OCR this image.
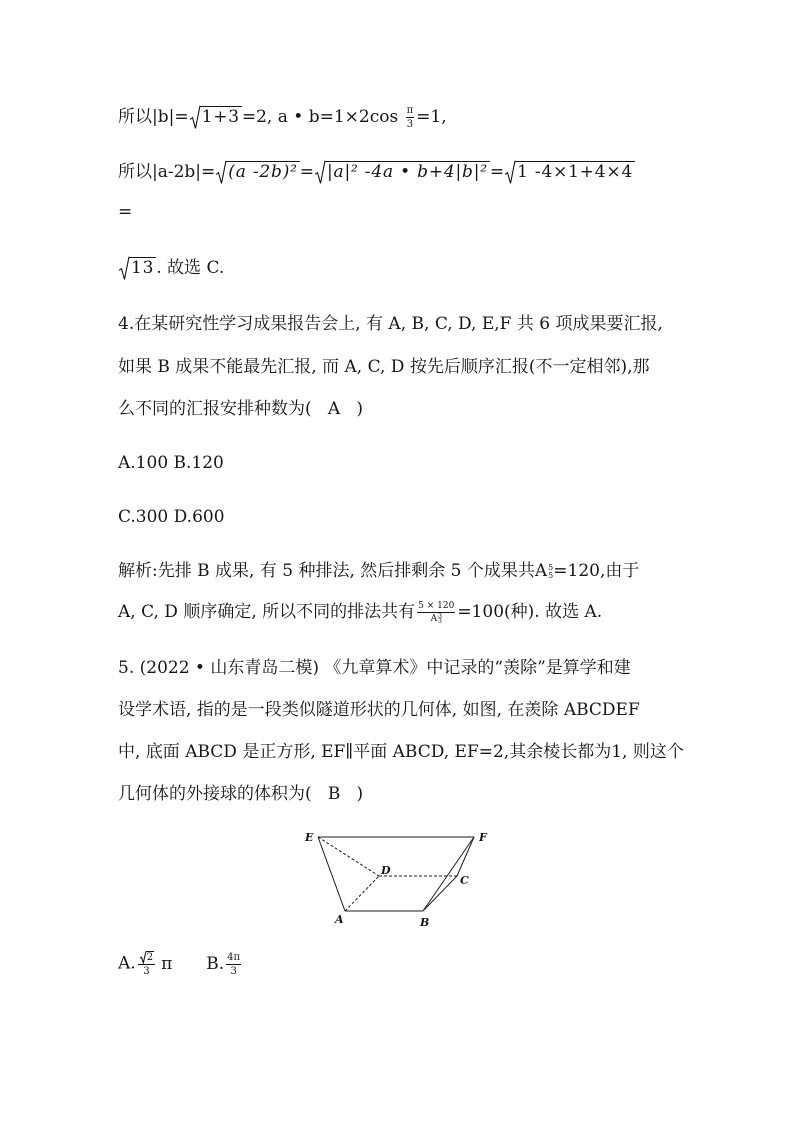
所以|b|= 1+3 =2, a • $b=1\times 2\cos \frac{\pi}{3} =1$,
所以|a-2b|= (a -2b)² = |a|² -4a • b+4|b|² = 1 -4×1+4×4
=
13 . 故选 C.
4.在某研究性学习成果报告会上, 有 A, B, C, D, E,F 共 6 项成果要汇报,
如果 B 成果不能最先汇报, 而 A, C, D 按先后顺序汇报(不一定相邻),那
么不同的汇报安排种数为(   A   )
A.100 B.120
C.300 D.600
解析:先排 B 成果, 有 5 种排法, 然后排剩余 5 个成果共A 5
5 =120,由于
A, C, D 顺序确定, 所以不同的排法共有 5 × 120
A 3
3 =100(种). 故选 A.
5. (2022 • 山东青岛二模) 《九章算术》中记录的“羡除”是算学和建
设学术语, 指的是一段类似隧道形状的几何体, 如图, 在羡除 ABCDEF
中, 底面 ABCD 是正方形, EF∥平面 ABCD, EF=2,其余棱长都为1, 则这个
几何体的外接球的体积为(   B   )
E	F
D
C
A	B
A. $\frac{2}{3}$ π B. $\frac{4\pi}{3}$
